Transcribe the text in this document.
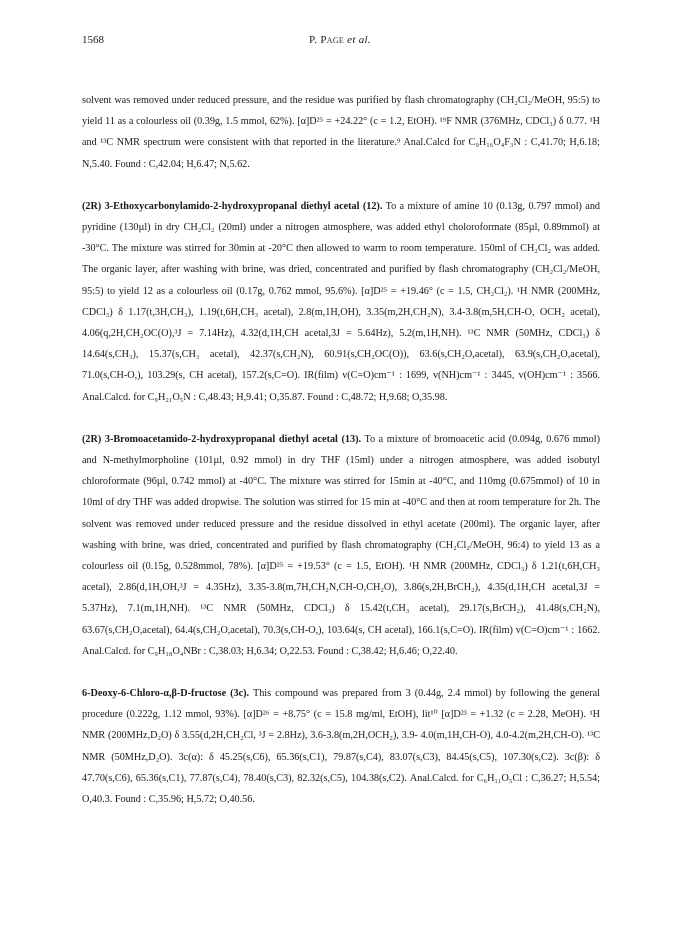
1568	P. Page et al.

solvent was removed under reduced pressure, and the residue was purified by flash chromatography (CH₂Cl₂/MeOH, 95:5) to yield 11 as a colourless oil (0.39g, 1.5 mmol, 62%). [α]D²⁵ = +24.22° (c = 1.2, EtOH). ¹⁹F NMR (376MHz, CDCl₃) δ 0.77. ¹H and ¹³C NMR spectrum were consistent with that reported in the literature.⁹ Anal.Calcd for C₉H₁₆O₄F₃N : C,41.70; H,6.18; N,5.40. Found : C,42.04; H,6.47; N,5.62.

(2R) 3-Ethoxycarbonylamido-2-hydroxypropanal diethyl acetal (12). To a mixture of amine 10 (0.13g, 0.797 mmol) and pyridine (130µl) in dry CH₂Cl₂ (20ml) under a nitrogen atmosphere, was added ethyl choloroformate (85µl, 0.89mmol) at -30°C. The mixture was stirred for 30min at -20°C then allowed to warm to room temperature. 150ml of CH₂Cl₂ was added. The organic layer, after washing with brine, was dried, concentrated and purified by flash chromatography (CH₂Cl₂/MeOH, 95:5) to yield 12 as a colourless oil (0.17g, 0.762 mmol, 95.6%). [α]D²⁵ = +19.46° (c = 1.5, CH₂Cl₂). ¹H NMR (200MHz, CDCl₃) δ 1.17(t,3H,CH₃), 1.19(t,6H,CH₃ acetal), 2.8(m,1H,OH), 3.35(m,2H,CH₂N), 3.4-3.8(m,5H,CH-O, OCH₂ acetal), 4.06(q,2H,CH₂OC(O),³J = 7.14Hz), 4.32(d,1H,CH acetal,3J = 5.64Hz), 5.2(m,1H,NH). ¹³C NMR (50MHz, CDCl₃) δ 14.64(s,CH₃), 15.37(s,CH₃ acetal), 42.37(s,CH₂N), 60.91(s,CH₂OC(O)), 63.6(s,CH₂O,acetal), 63.9(s,CH₂O,acetal), 71.0(s,CH-O,), 103.29(s, CH acetal), 157.2(s,C=O). IR(film) v(C=O)cm⁻¹ : 1699, v(NH)cm⁻¹ : 3445, v(OH)cm⁻¹ : 3566. Anal.Calcd. for C₉H₂₁O₅N : C,48.43; H,9.41; O,35.87. Found : C,48.72; H,9.68; O,35.98.

(2R) 3-Bromoacetamido-2-hydroxypropanal diethyl acetal (13). To a mixture of bromoacetic acid (0.094g, 0.676 mmol) and N-methylmorpholine (101µl, 0.92 mmol) in dry THF (15ml) under a nitrogen atmosphere, was added isobutyl chloroformate (96µl, 0.742 mmol) at -40°C. The mixture was stirred for 15min at -40°C, and 110mg (0.675mmol) of 10 in 10ml of dry THF was added dropwise. The solution was stirred for 15 min at -40°C and then at room temperature for 2h. The solvent was removed under reduced pressure and the residue dissolved in ethyl acetate (200ml). The organic layer, after washing with brine, was dried, concentrated and purified by flash chromatography (CH₂Cl₂/MeOH, 96:4) to yield 13 as a colourless oil (0.15g, 0.528mmol, 78%). [α]D²⁵ = +19.53° (c = 1.5, EtOH). ¹H NMR (200MHz, CDCl₃) δ 1.21(t,6H,CH₃ acetal), 2.86(d,1H,OH,³J = 4.35Hz), 3.35-3.8(m,7H,CH₂N,CH-O,CH₂O), 3.86(s,2H,BrCH₂), 4.35(d,1H,CH acetal,3J = 5.37Hz), 7.1(m,1H,NH). ¹³C NMR (50MHz, CDCl₃) δ 15.42(t,CH₃ acetal), 29.17(s,BrCH₂), 41.48(s,CH₂N), 63.67(s,CH₂O,acetal), 64.4(s,CH₂O,acetal), 70.3(s,CH-O,), 103.64(s, CH acetal), 166.1(s,C=O). IR(film) v(C=O)cm⁻¹ : 1662. Anal.Calcd. for C₉H₁₈O₄NBr : C,38.03; H,6.34; O,22.53. Found : C,38.42; H,6.46; O,22.40.

6-Deoxy-6-Chloro-α,β-D-fructose (3c). This compound was prepared from 3 (0.44g, 2.4 mmol) by following the general procedure (0.222g, 1.12 mmol, 93%). [α]D²⁶ = +8.75° (c = 15.8 mg/ml, EtOH), lit¹⁰ [α]D²³ = +1.32 (c = 2.28, MeOH). ¹H NMR (200MHz,D₂O) δ 3.55(d,2H,CH₂Cl, ³J = 2.8Hz), 3.6-3.8(m,2H,OCH₂), 3.9- 4.0(m,1H,CH-O), 4.0-4.2(m,2H,CH-O). ¹³C NMR (50MHz,D₂O). 3c(α): δ 45.25(s,C6), 65.36(s,C1), 79.87(s,C4), 83.07(s,C3), 84.45(s,C5), 107.30(s,C2). 3c(β): δ 47.70(s,C6), 65.36(s,C1), 77.87(s,C4), 78.40(s,C3), 82.32(s,C5), 104.38(s,C2). Anal.Calcd. for C₆H₁₁O₅Cl : C,36.27; H,5.54; O,40.3. Found : C,35.96; H,5.72; O,40.56.
